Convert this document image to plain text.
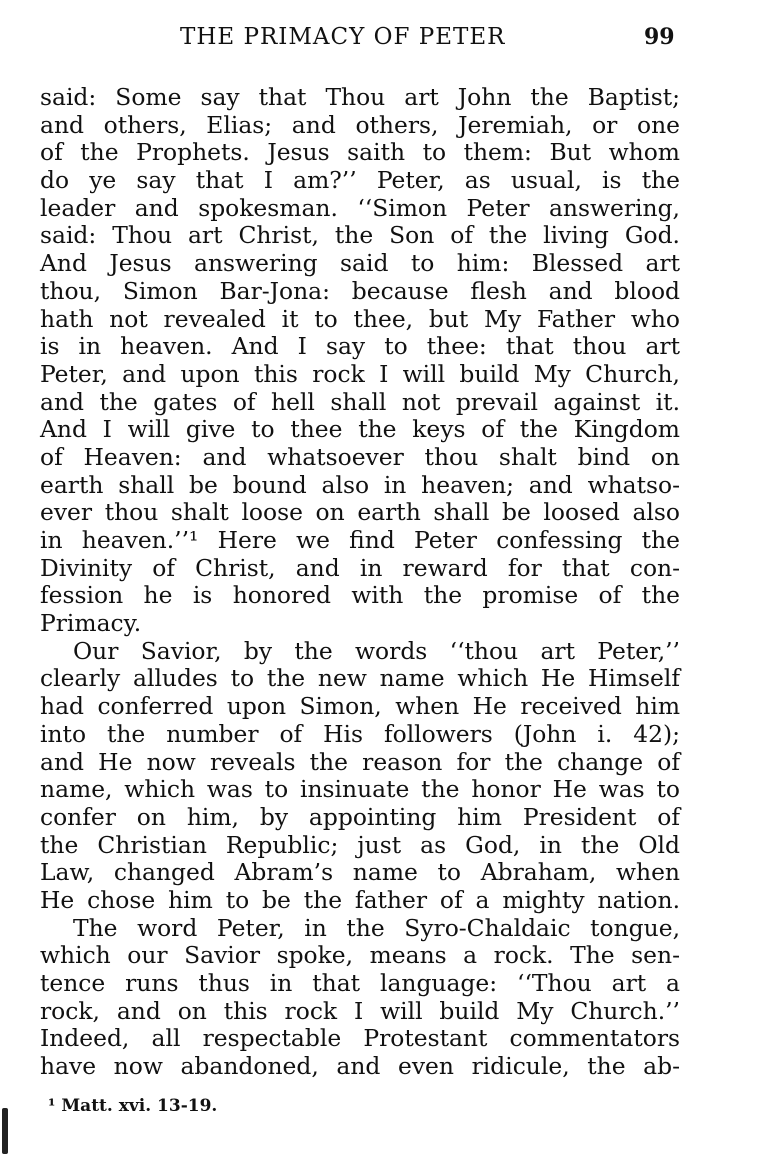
THE PRIMACY OF PETER	99
said: Some say that Thou art John the Baptist;
and others, Elias; and others, Jeremiah, or one
of the Prophets. Jesus saith to them: But whom
do ye say that I am?’’ Peter, as usual, is the
leader and spokesman. ‘‘Simon Peter answering,
said: Thou art Christ, the Son of the living God.
And Jesus answering said to him: Blessed art
thou, Simon Bar-Jona: because flesh and blood
hath not revealed it to thee, but My Father who
is in heaven. And I say to thee: that thou art
Peter, and upon this rock I will build My Church,
and the gates of hell shall not prevail against it.
And I will give to thee the keys of the Kingdom
of Heaven: and whatsoever thou shalt bind on
earth shall be bound also in heaven; and whatso-
ever thou shalt loose on earth shall be loosed also
in heaven.’’¹ Here we find Peter confessing the
Divinity of Christ, and in reward for that con-
fession he is honored with the promise of the
Primacy.
Our Savior, by the words ‘‘thou art Peter,’’
clearly alludes to the new name which He Himself
had conferred upon Simon, when He received him
into the number of His followers (John i. 42);
and He now reveals the reason for the change of
name, which was to insinuate the honor He was to
confer on him, by appointing him President of
the Christian Republic; just as God, in the Old
Law, changed Abram’s name to Abraham, when
He chose him to be the father of a mighty nation.
The word Peter, in the Syro-Chaldaic tongue,
which our Savior spoke, means a rock. The sen-
tence runs thus in that language: ‘‘Thou art a
rock, and on this rock I will build My Church.’’
Indeed, all respectable Protestant commentators
have now abandoned, and even ridicule, the ab-
¹ Matt. xvi. 13-19.
